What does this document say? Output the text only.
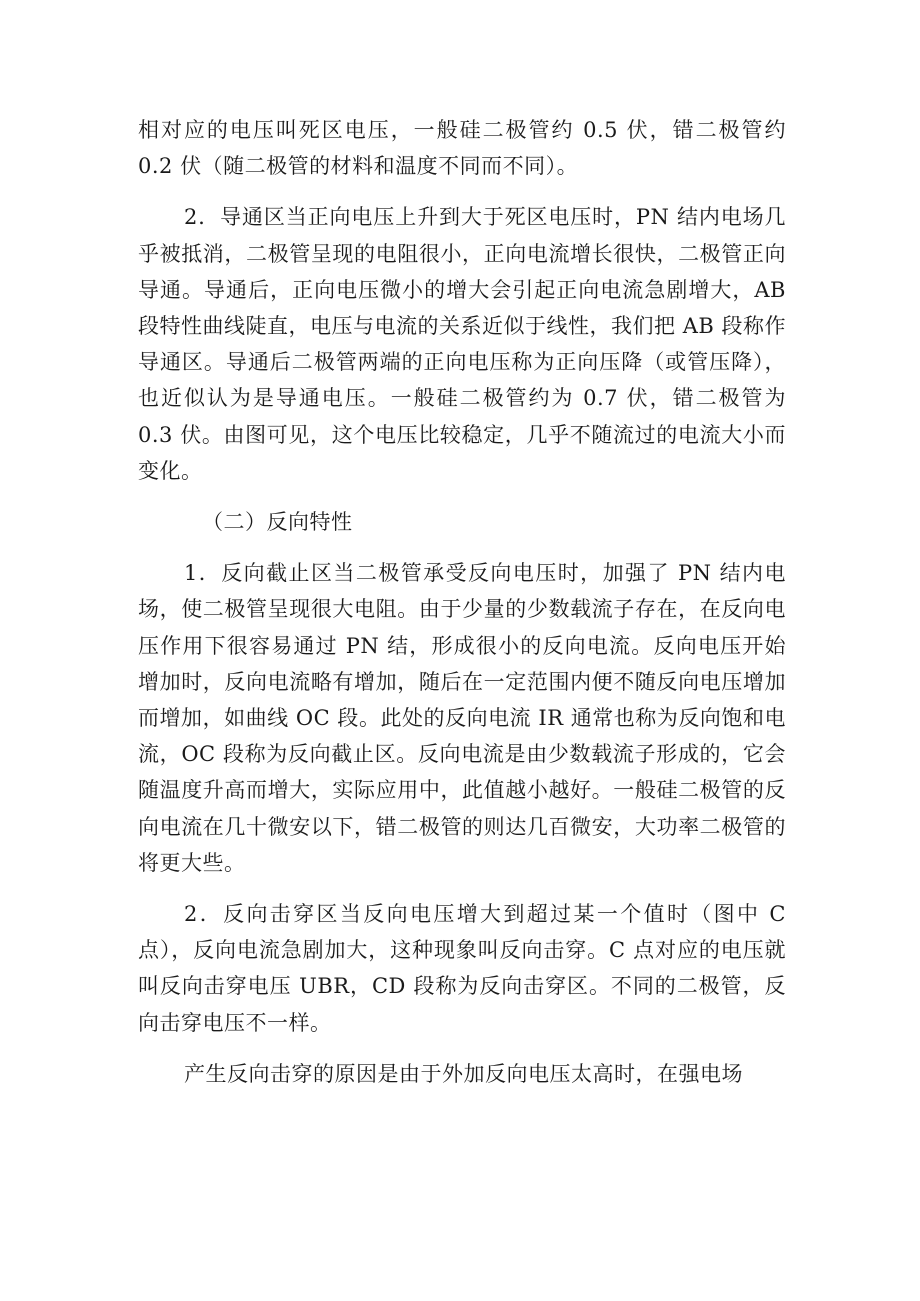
相对应的电压叫死区电压，一般硅二极管约 0.5 伏，错二极管约 0.2 伏（随二极管的材料和温度不同而不同）。

2．导通区当正向电压上升到大于死区电压时，PN 结内电场几乎被抵消，二极管呈现的电阻很小，正向电流增长很快，二极管正向导通。导通后，正向电压微小的增大会引起正向电流急剧增大，AB 段特性曲线陡直，电压与电流的关系近似于线性，我们把 AB 段称作导通区。导通后二极管两端的正向电压称为正向压降（或管压降），也近似认为是导通电压。一般硅二极管约为 0.7 伏，错二极管为 0.3 伏。由图可见，这个电压比较稳定，几乎不随流过的电流大小而变化。

（二）反向特性

1．反向截止区当二极管承受反向电压时，加强了 PN 结内电场，使二极管呈现很大电阻。由于少量的少数载流子存在，在反向电压作用下很容易通过 PN 结，形成很小的反向电流。反向电压开始增加时，反向电流略有增加，随后在一定范围内便不随反向电压增加而增加，如曲线 OC 段。此处的反向电流 IR 通常也称为反向饱和电流，OC 段称为反向截止区。反向电流是由少数载流子形成的，它会随温度升高而增大，实际应用中，此值越小越好。一般硅二极管的反向电流在几十微安以下，错二极管的则达几百微安，大功率二极管的将更大些。

2．反向击穿区当反向电压增大到超过某一个值时（图中 C 点），反向电流急剧加大，这种现象叫反向击穿。C 点对应的电压就叫反向击穿电压 UBR，CD 段称为反向击穿区。不同的二极管，反向击穿电压不一样。

产生反向击穿的原因是由于外加反向电压太高时，在强电场
